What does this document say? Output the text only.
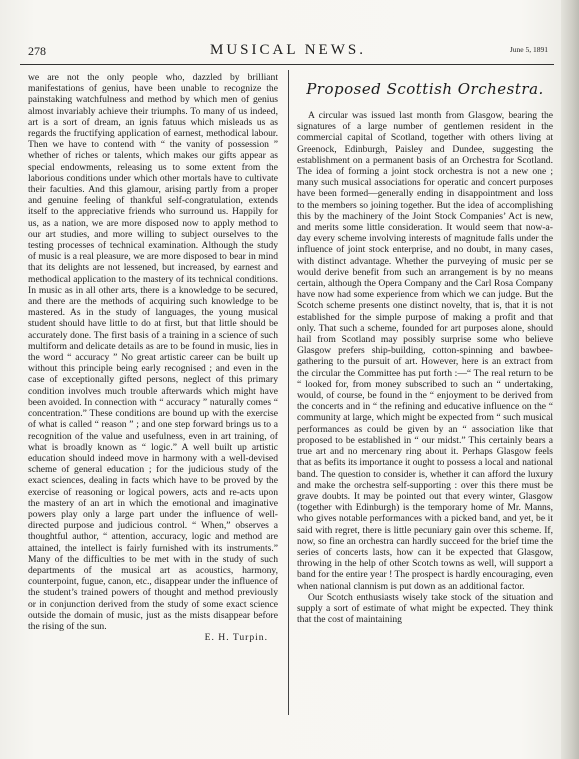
278	MUSICAL NEWS.	June 5, 1891

we are not the only people who, dazzled by brilliant manifestations of genius, have been unable to recognize the painstaking watchfulness and method by which men of genius almost invariably achieve their triumphs. To many of us indeed, art is a sort of dream, an ignis fatuus which misleads us as regards the fructifying application of earnest, methodical labour. Then we have to contend with “ the vanity of possession ” whether of riches or talents, which makes our gifts appear as special endowments, releasing us to some extent from the laborious conditions under which other mortals have to cultivate their faculties. And this glamour, arising partly from a proper and genuine feeling of thankful self-congratulation, extends itself to the appreciative friends who surround us. Happily for us, as a nation, we are more disposed now to apply method to our art studies, and more willing to subject ourselves to the testing processes of technical examination. Although the study of music is a real pleasure, we are more disposed to bear in mind that its delights are not lessened, but increased, by earnest and methodical application to the mastery of its technical conditions. In music as in all other arts, there is a knowledge to be secured, and there are the methods of acquiring such knowledge to be mastered. As in the study of languages, the young musical student should have little to do at first, but that little should be accurately done. The first basis of a training in a science of such multiform and delicate details as are to be found in music, lies in the word “ accuracy ” No great artistic career can be built up without this principle being early recognised ; and even in the case of exceptionally gifted persons, neglect of this primary condition involves much trouble afterwards which might have been avoided. In connection with “ accuracy ” naturally comes “ concentration.” These conditions are bound up with the exercise of what is called “ reason ” ; and one step forward brings us to a recognition of the value and usefulness, even in art training, of what is broadly known as “ logic.” A well built up artistic education should indeed move in harmony with a well-devised scheme of general education ; for the judicious study of the exact sciences, dealing in facts which have to be proved by the exercise of reasoning or logical powers, acts and re-acts upon the mastery of an art in which the emotional and imaginative powers play only a large part under the influence of well-directed purpose and judicious control. “ When,” observes a thoughtful author, “ attention, accuracy, logic and method are attained, the intellect is fairly furnished with its instruments.” Many of the difficulties to be met with in the study of such departments of the musical art as acoustics, harmony, counterpoint, fugue, canon, etc., disappear under the influence of the student’s trained powers of thought and method previously or in conjunction derived from the study of some exact science outside the domain of music, just as the mists disappear before the rising of the sun.

E. H. Turpin.

Proposed Scottish Orchestra.

A circular was issued last month from Glasgow, bearing the signatures of a large number of gentlemen resident in the commercial capital of Scotland, together with others living at Greenock, Edinburgh, Paisley and Dundee, suggesting the establishment on a permanent basis of an Orchestra for Scotland. The idea of forming a joint stock orchestra is not a new one ; many such musical associations for operatic and concert purposes have been formed—generally ending in disappointment and loss to the members so joining together. But the idea of accomplishing this by the machinery of the Joint Stock Companies’ Act is new, and merits some little consideration. It would seem that now-a-day every scheme involving interests of magnitude falls under the influence of joint stock enterprise, and no doubt, in many cases, with distinct advantage. Whether the purveying of music per se would derive benefit from such an arrangement is by no means certain, although the Opera Company and the Carl Rosa Company have now had some experience from which we can judge. But the Scotch scheme presents one distinct novelty, that is, that it is not established for the simple purpose of making a profit and that only. That such a scheme, founded for art purposes alone, should hail from Scotland may possibly surprise some who believe Glasgow prefers ship-building, cotton-spinning and bawbee-gathering to the pursuit of art. However, here is an extract from the circular the Committee has put forth :—“ The real return to be “ looked for, from money subscribed to such an “ undertaking, would, of course, be found in the “ enjoyment to be derived from the concerts and in “ the refining and educative influence on the “ community at large, which might be expected from “ such musical performances as could be given by an “ association like that proposed to be established in “ our midst.” This certainly bears a true art and no mercenary ring about it. Perhaps Glasgow feels that as befits its importance it ought to possess a local and national band. The question to consider is, whether it can afford the luxury and make the orchestra self-supporting : over this there must be grave doubts. It may be pointed out that every winter, Glasgow (together with Edinburgh) is the temporary home of Mr. Manns, who gives notable performances with a picked band, and yet, be it said with regret, there is little pecuniary gain over this scheme. If, now, so fine an orchestra can hardly succeed for the brief time the series of concerts lasts, how can it be expected that Glasgow, throwing in the help of other Scotch towns as well, will support a band for the entire year ! The prospect is hardly encouraging, even when national clannism is put down as an additional factor.

Our Scotch enthusiasts wisely take stock of the situation and supply a sort of estimate of what might be expected. They think that the cost of maintaining
